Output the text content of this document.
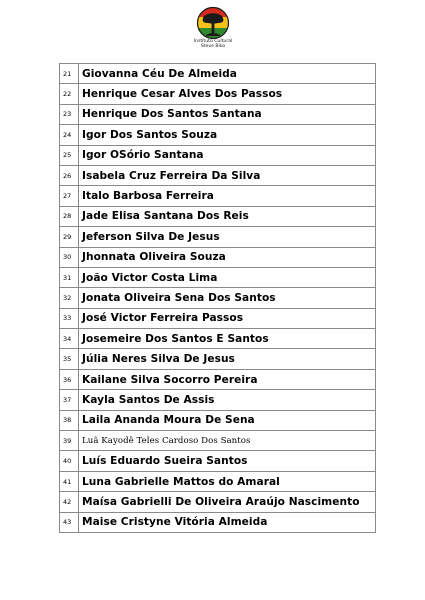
Instituto Cultural
Steve Biko
21	Giovanna Céu De Almeida
22	Henrique Cesar Alves Dos Passos
23	Henrique Dos Santos Santana
24	Igor Dos Santos Souza
25	Igor OSório Santana
26	Isabela Cruz Ferreira Da Silva
27	Italo Barbosa Ferreira
28	Jade Elisa Santana Dos Reis
29	Jeferson Silva De Jesus
30	Jhonnata Oliveira Souza
31	João Victor Costa Lima
32	Jonata Oliveira Sena Dos Santos
33	José Victor Ferreira Passos
34	Josemeire Dos Santos E Santos
35	Júlia Neres Silva De Jesus
36	Kailane Silva Socorro Pereira
37	Kayla Santos De Assis
38	Laila Ananda Moura De Sena
39	Luã Kayodê Teles Cardoso Dos Santos
40	Luís Eduardo Sueira Santos
41	Luna Gabrielle Mattos do Amaral
42	Maísa Gabrielli De Oliveira Araújo Nascimento
43	Maise Cristyne Vitória Almeida
